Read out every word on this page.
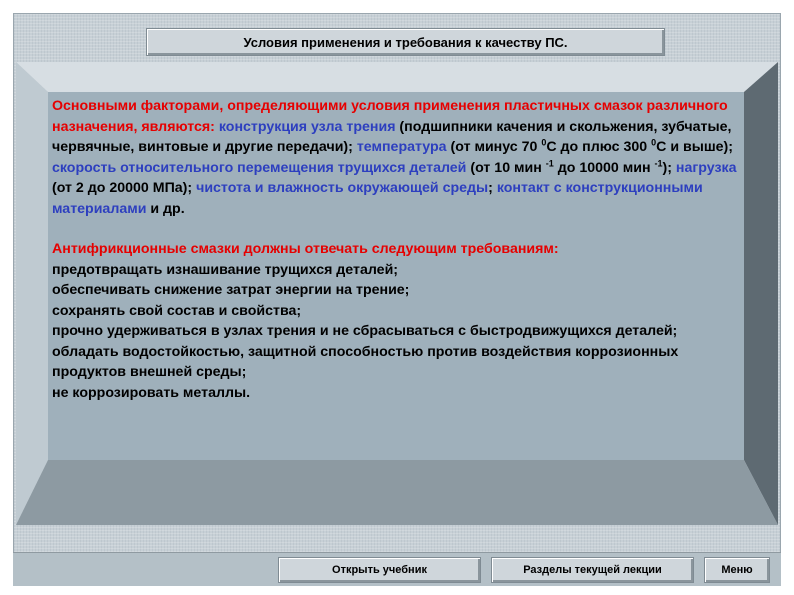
Условия применения и требования к качеству ПС.
Основными факторами, определяющими условия применения пластичных смазок различного назначения, являются: конструкция узла трения (подшипники качения и скольжения, зубчатые, червячные, винтовые и другие передачи); температура (от минус 70 $^0$С до плюс 300 $^0$С и выше); скорость относительного перемещения трущихся деталей (от 10 мин $^{-1}$ до 10000 мин $^{-1}$); нагрузка (от 2 до 20000 МПа); чистота и влажность окружающей среды; контакт с конструкционными материалами и др.
Антифрикционные смазки должны отвечать следующим требованиям:
предотвращать изнашивание трущихся деталей;
обеспечивать снижение затрат энергии на трение;
сохранять свой состав и свойства;
прочно удерживаться в узлах трения и не сбрасываться с быстродвижущихся деталей;
обладать водостойкостью, защитной способностью против воздействия коррозионных продуктов внешней среды;
не коррозировать металлы.
Открыть учебник	Разделы текущей лекции	Меню
